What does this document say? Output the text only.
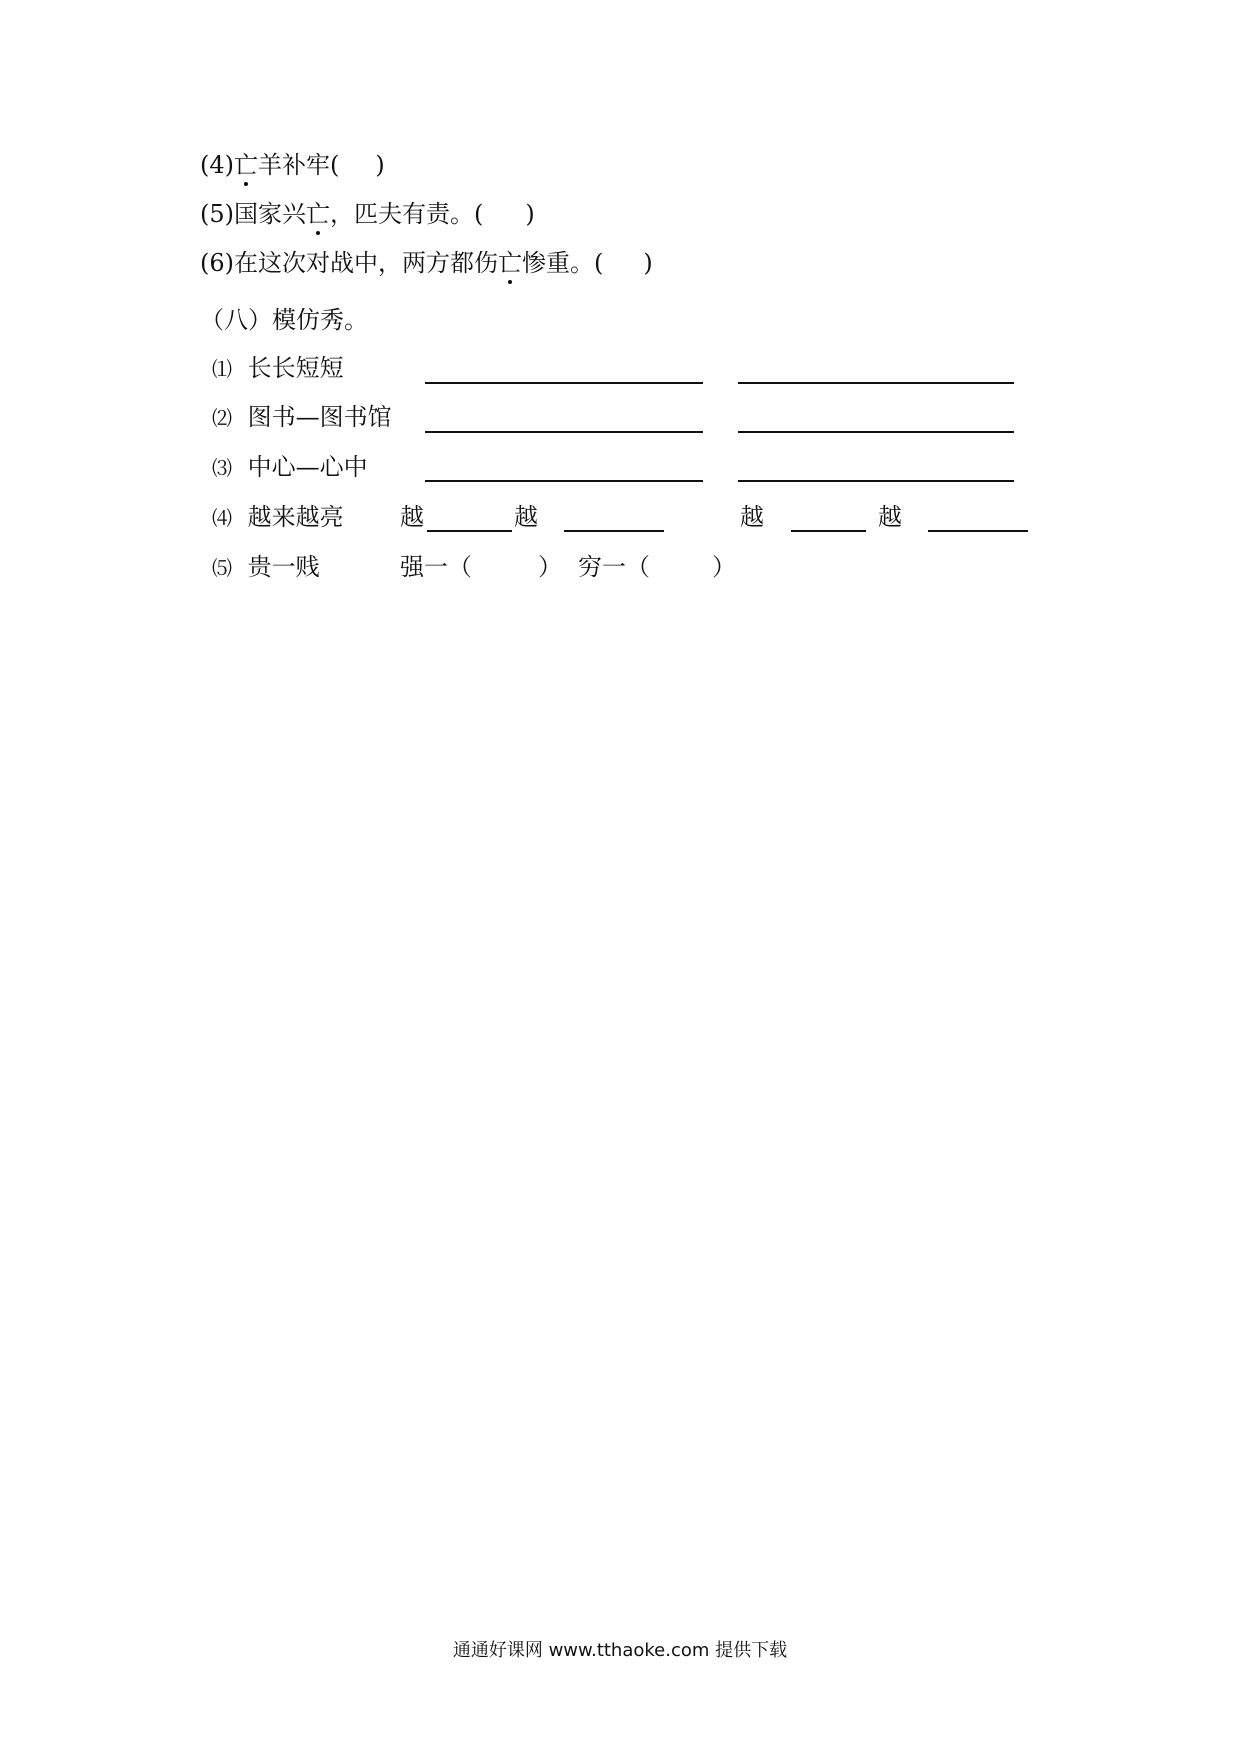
(4)亡羊补牢( )
(5)国家兴亡，匹夫有责。( )
(6)在这次对战中，两方都伤亡惨重。( )
（八）模仿秀。
⑴ 长长短短
⑵ 图书—图书馆
⑶ 中心—心中
⑷ 越来越亮 越	越	越	越
⑸ 贵一贱	强一（	） 穷一（	）
通通好课网 www.tthaoke.com 提供下载
